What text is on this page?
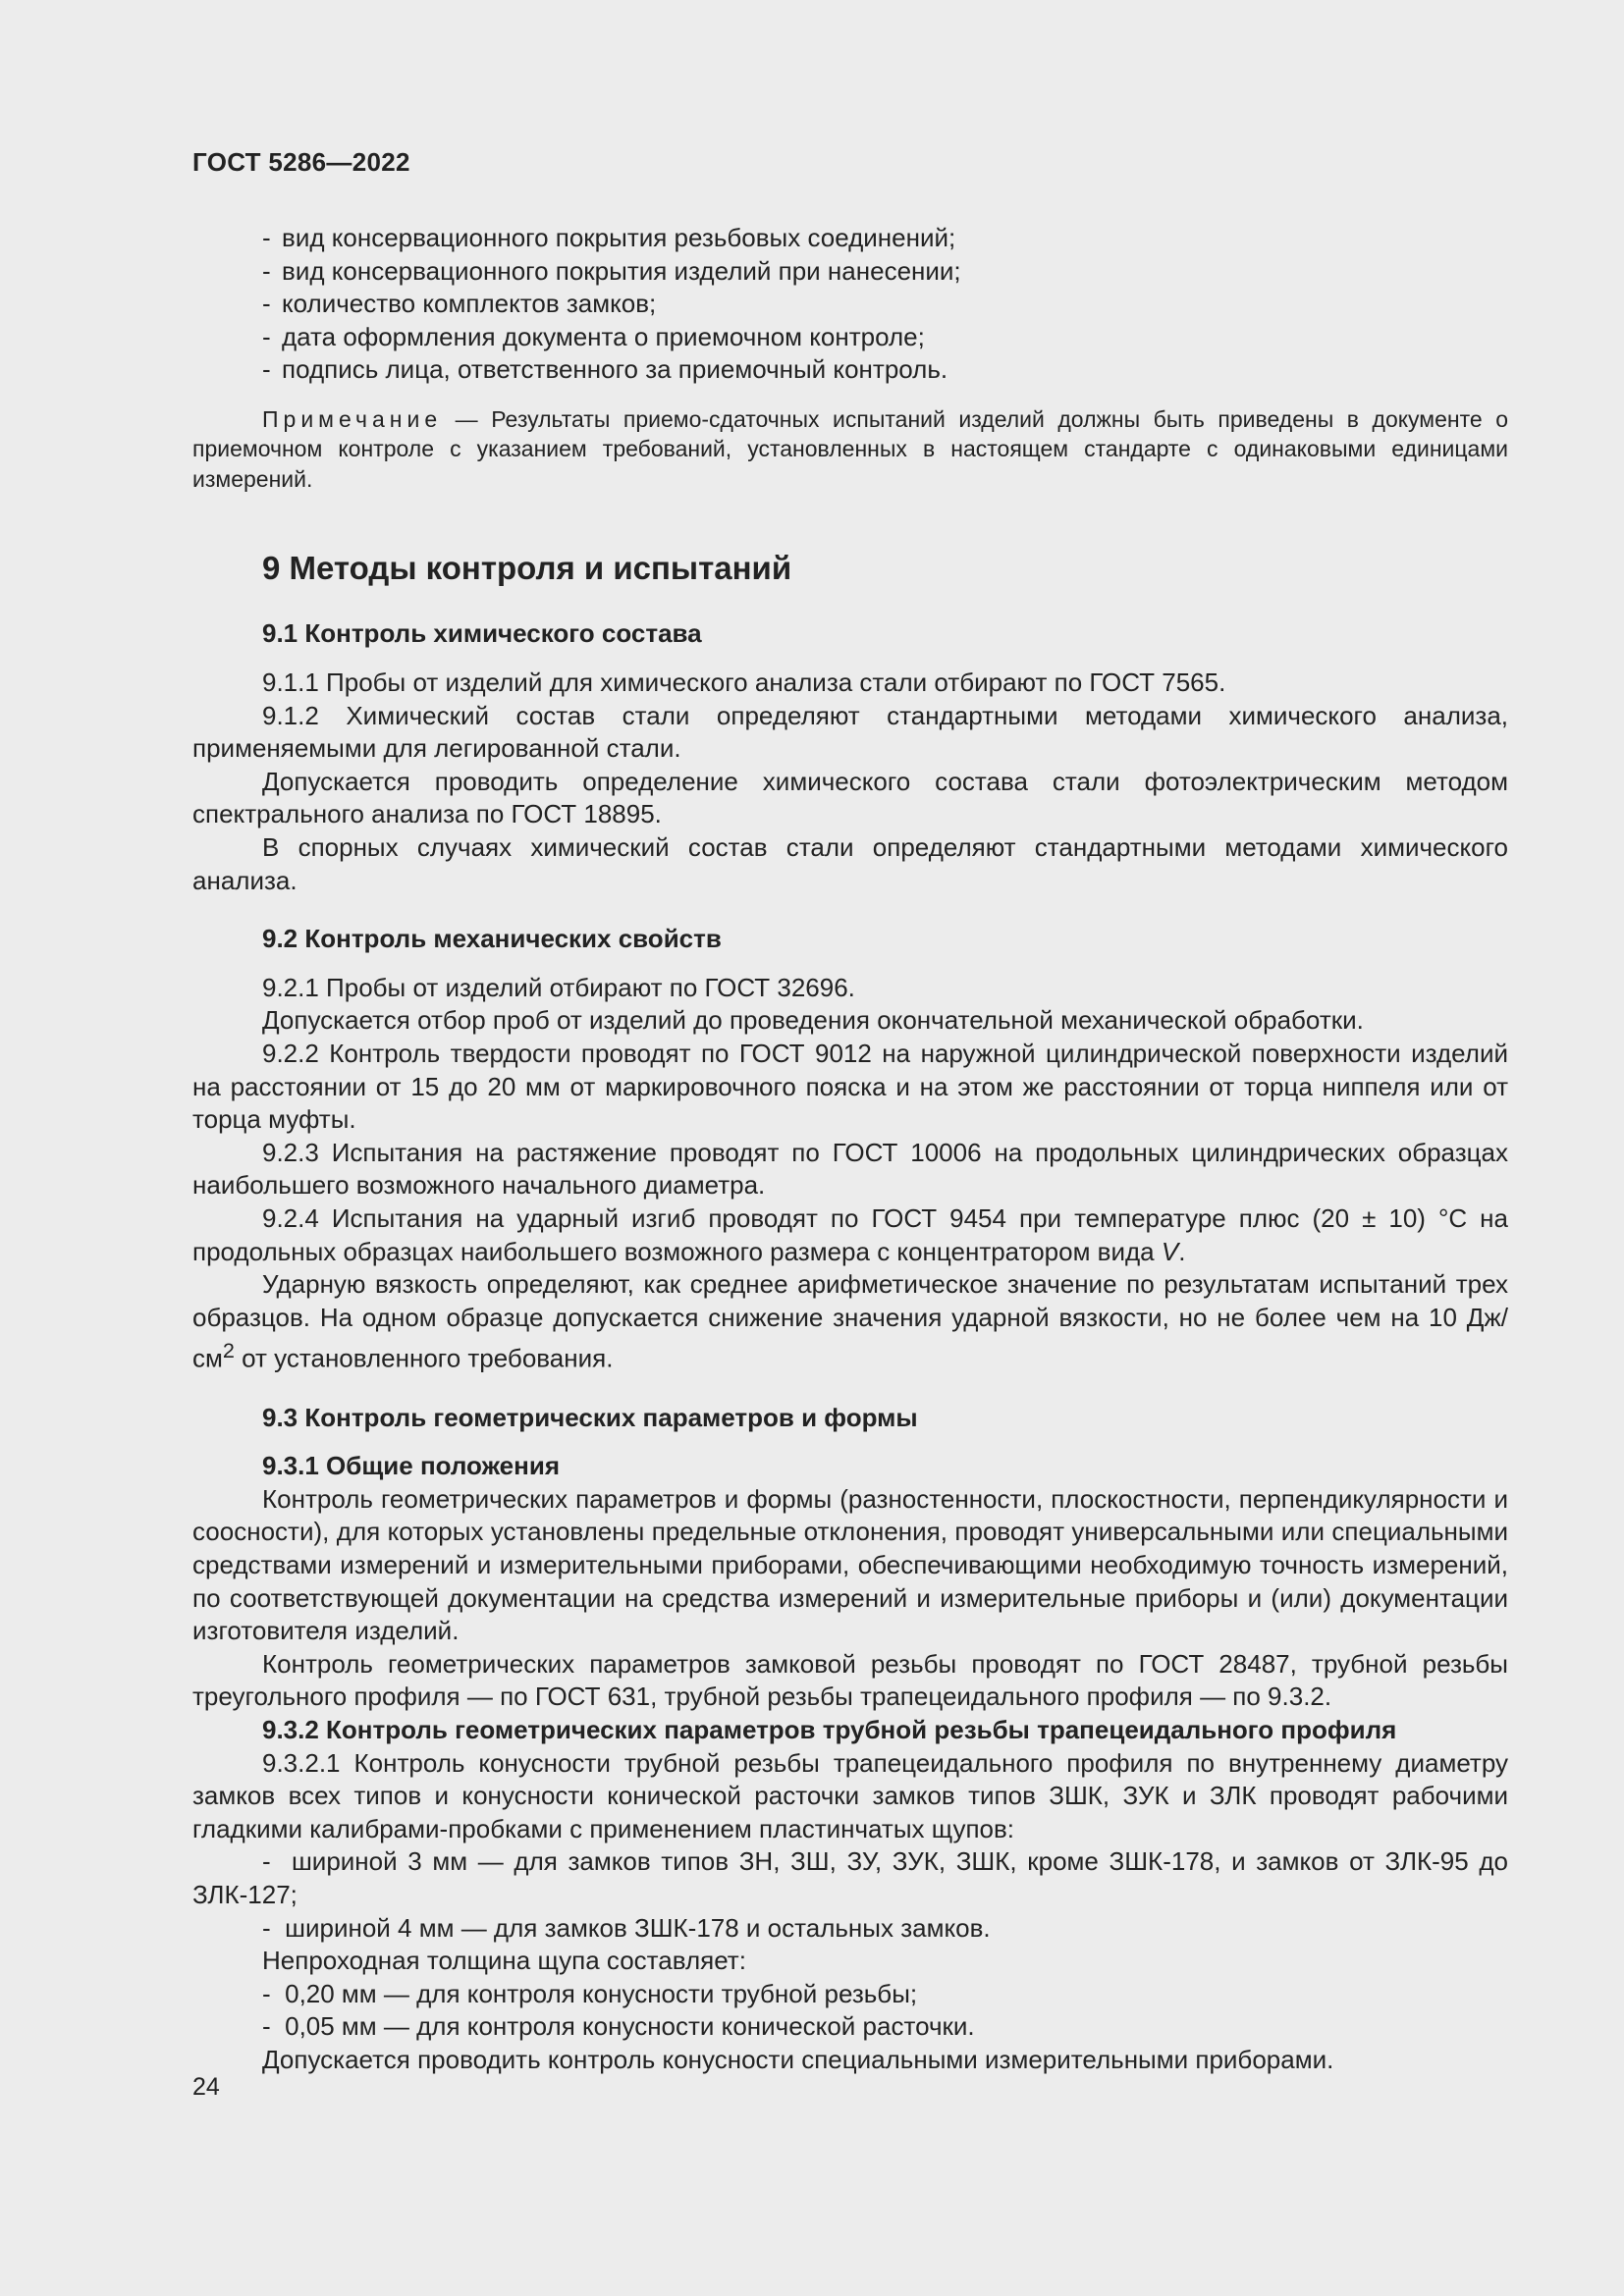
ГОСТ 5286—2022
- вид консервационного покрытия резьбовых соединений;
- вид консервационного покрытия изделий при нанесении;
- количество комплектов замков;
- дата оформления документа о приемочном контроле;
- подпись лица, ответственного за приемочный контроль.

Примечание — Результаты приемо-сдаточных испытаний изделий должны быть приведены в документе о приемочном контроле с указанием требований, установленных в настоящем стандарте с одинаковыми единицами измерений.

9 Методы контроля и испытаний
9.1 Контроль химического состава

9.1.1 Пробы от изделий для химического анализа стали отбирают по ГОСТ 7565.

9.1.2 Химический состав стали определяют стандартными методами химического анализа, применяемыми для легированной стали.

Допускается проводить определение химического состава стали фотоэлектрическим методом спектрального анализа по ГОСТ 18895.

В спорных случаях химический состав стали определяют стандартными методами химического анализа.

9.2 Контроль механических свойств

9.2.1 Пробы от изделий отбирают по ГОСТ 32696.

Допускается отбор проб от изделий до проведения окончательной механической обработки.

9.2.2 Контроль твердости проводят по ГОСТ 9012 на наружной цилиндрической поверхности изделий на расстоянии от 15 до 20 мм от маркировочного пояска и на этом же расстоянии от торца ниппеля или от торца муфты.

9.2.3 Испытания на растяжение проводят по ГОСТ 10006 на продольных цилиндрических образцах наибольшего возможного начального диаметра.

9.2.4 Испытания на ударный изгиб проводят по ГОСТ 9454 при температуре плюс (20 ± 10) °С на продольных образцах наибольшего возможного размера с концентратором вида V.

Ударную вязкость определяют, как среднее арифметическое значение по результатам испытаний трех образцов. На одном образце допускается снижение значения ударной вязкости, но не более чем на 10 $Дж/см^2$ от установленного требования.

9.3 Контроль геометрических параметров и формы
9.3.1 Общие положения

Контроль геометрических параметров и формы (разностенности, плоскостности, перпендикулярности и соосности), для которых установлены предельные отклонения, проводят универсальными или специальными средствами измерений и измерительными приборами, обеспечивающими необходимую точность измерений, по соответствующей документации на средства измерений и измерительные приборы и (или) документации изготовителя изделий.

Контроль геометрических параметров замковой резьбы проводят по ГОСТ 28487, трубной резьбы треугольного профиля — по ГОСТ 631, трубной резьбы трапецеидального профиля — по 9.3.2.

9.3.2 Контроль геометрических параметров трубной резьбы трапецеидального профиля

9.3.2.1 Контроль конусности трубной резьбы трапецеидального профиля по внутреннему диаметру замков всех типов и конусности конической расточки замков типов ЗШК, ЗУК и ЗЛК проводят рабочими гладкими калибрами-пробками с применением пластинчатых щупов:

-  шириной 3 мм — для замков типов ЗН, ЗШ, ЗУ, ЗУК, ЗШК, кроме ЗШК-178, и замков от ЗЛК-95 до ЗЛК-127;

-  шириной 4 мм — для замков ЗШК-178 и остальных замков.

Непроходная толщина щупа составляет:

-  0,20 мм — для контроля конусности трубной резьбы;

-  0,05 мм — для контроля конусности конической расточки.

Допускается проводить контроль конусности специальными измерительными приборами.

24
